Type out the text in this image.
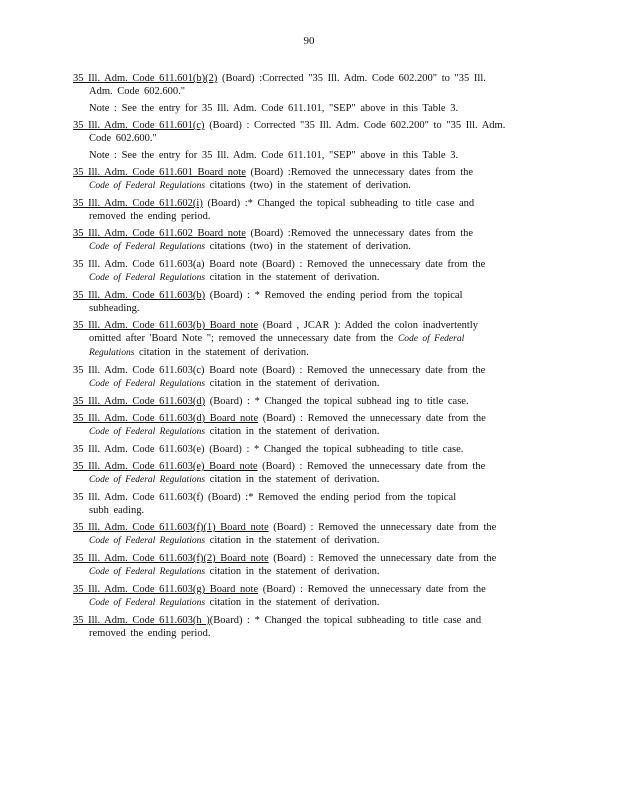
90
35 Ill. Adm. Code 611.601(b)(2) (Board) :Corrected "35 Ill. Adm. Code 602.200" to "35 Ill.
Adm. Code 602.600."
Note : See the entry for 35 Ill. Adm. Code 611.101, "SEP" above in this Table 3.
35 Ill. Adm. Code 611.601(c) (Board) : Corrected "35 Ill. Adm. Code 602.200" to "35 Ill. Adm.
Code 602.600."
Note : See the entry for 35 Ill. Adm. Code 611.101, "SEP" above in this Table 3.
35 Ill. Adm. Code 611.601 Board note (Board) :Removed the unnecessary dates from the
Code of Federal Regulations citations (two) in the statement of derivation.
35 Ill. Adm. Code 611.602(i) (Board) :* Changed the topical subheading to title case and
removed the ending period.
35 Ill. Adm. Code 611.602 Board note (Board) :Removed the unnecessary dates from the
Code of Federal Regulations citations (two) in the statement of derivation.
35 Ill. Adm. Code 611.603(a) Board note (Board) : Removed the unnecessary date from the
Code of Federal Regulations citation in the statement of derivation.
35 Ill. Adm. Code 611.603(b) (Board) : * Removed the ending period from the topical
subheading.
35 Ill. Adm. Code 611.603(b) Board note (Board , JCAR ): Added the colon inadvertently
omitted after 'Board Note "; removed the unnecessary date from the Code of Federal
Regulations citation in the statement of derivation.
35 Ill. Adm. Code 611.603(c) Board note (Board) : Removed the unnecessary date from the
Code of Federal Regulations citation in the statement of derivation.
35 Ill. Adm. Code 611.603(d) (Board) : * Changed the topical subhead ing to title case.
35 Ill. Adm. Code 611.603(d) Board note (Board) : Removed the unnecessary date from the
Code of Federal Regulations citation in the statement of derivation.
35 Ill. Adm. Code 611.603(e) (Board) : * Changed the topical subheading to title case.
35 Ill. Adm. Code 611.603(e) Board note (Board) : Removed the unnecessary date from the
Code of Federal Regulations citation in the statement of derivation.
35 Ill. Adm. Code 611.603(f) (Board) :* Removed the ending period from the topical
subh eading.
35 Ill. Adm. Code 611.603(f)(1) Board note (Board) : Removed the unnecessary date from the
Code of Federal Regulations citation in the statement of derivation.
35 Ill. Adm. Code 611.603(f)(2) Board note (Board) : Removed the unnecessary date from the
Code of Federal Regulations citation in the statement of derivation.
35 Ill. Adm. Code 611.603(g) Board note (Board) : Removed the unnecessary date from the
Code of Federal Regulations citation in the statement of derivation.
35 Ill. Adm. Code 611.603(h )(Board) : * Changed the topical subheading to title case and
removed the ending period.
